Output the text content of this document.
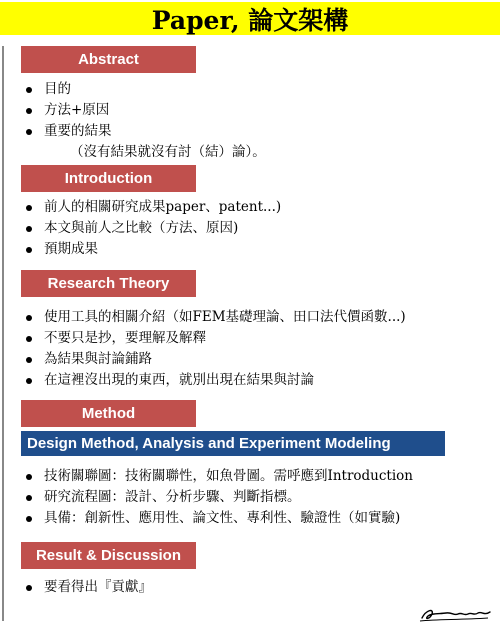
Paper, 論文架構
Abstract
目的
方法+原因
重要的結果
（沒有結果就沒有討（結）論）。
Introduction
前人的相關研究成果paper、patent...)
本文與前人之比較（方法、原因)
預期成果
Research Theory
使用工具的相關介紹（如FEM基礎理論、田口法代價函數...)
不要只是抄，要理解及解釋
為結果與討論鋪路
在這裡沒出現的東西，就別出現在結果與討論
Method
Design Method, Analysis and Experiment Modeling
技術關聯圖：技術關聯性，如魚骨圖。需呼應到Introduction
研究流程圖：設計、分析步驟、判斷指標。
具備：創新性、應用性、論文性、專利性、驗證性（如實驗)
Result & Discussion
要看得出『貢獻』
